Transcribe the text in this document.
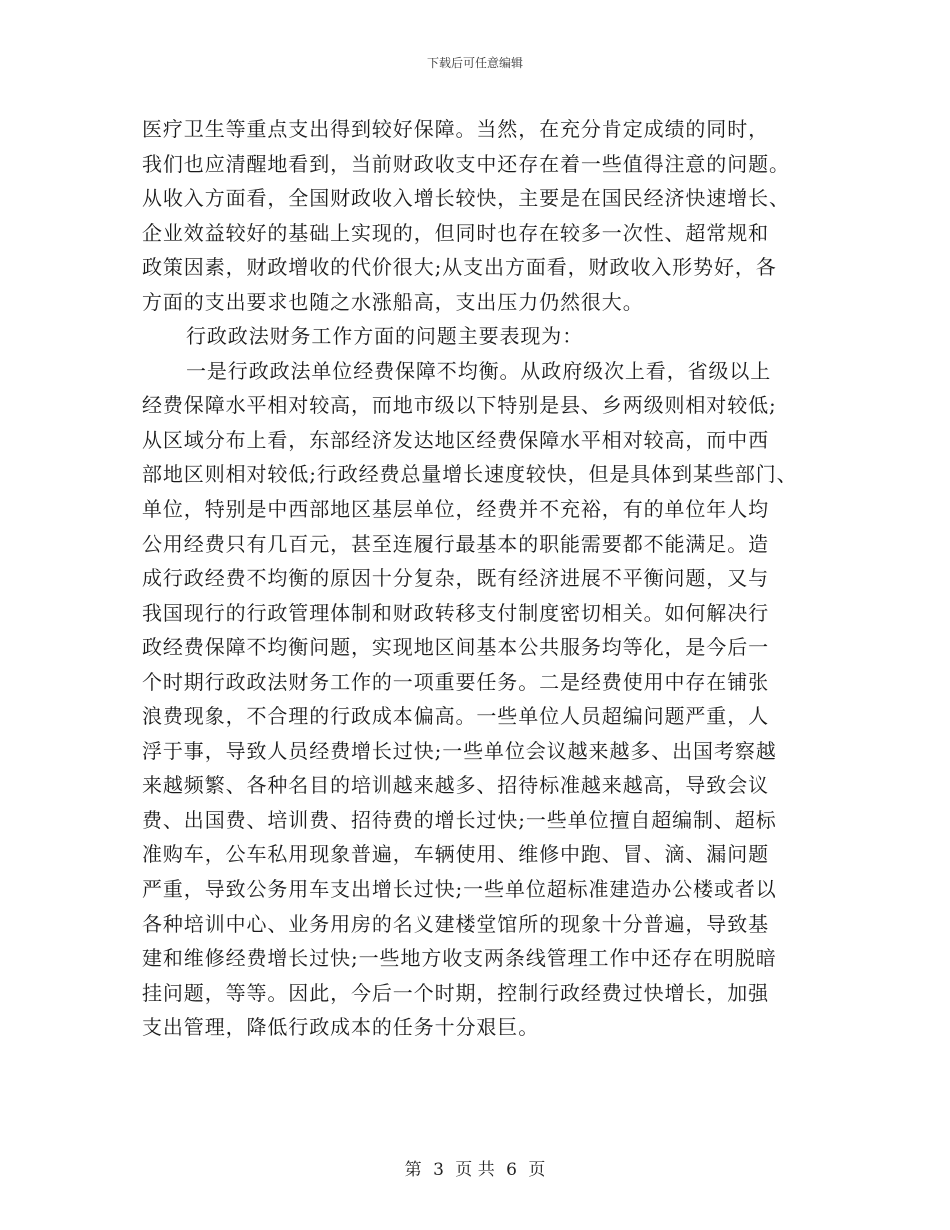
下载后可任意编辑
医疗卫生等重点支出得到较好保障。当然，在充分肯定成绩的同时，
我们也应清醒地看到，当前财政收支中还存在着一些值得注意的问题。
从收入方面看，全国财政收入增长较快，主要是在国民经济快速增长、
企业效益较好的基础上实现的，但同时也存在较多一次性、超常规和
政策因素，财政增收的代价很大;从支出方面看，财政收入形势好，各
方面的支出要求也随之水涨船高，支出压力仍然很大。
行政政法财务工作方面的问题主要表现为：
一是行政政法单位经费保障不均衡。从政府级次上看，省级以上
经费保障水平相对较高，而地市级以下特别是县、乡两级则相对较低;
从区域分布上看，东部经济发达地区经费保障水平相对较高，而中西
部地区则相对较低;行政经费总量增长速度较快，但是具体到某些部门、
单位，特别是中西部地区基层单位，经费并不充裕，有的单位年人均
公用经费只有几百元，甚至连履行最基本的职能需要都不能满足。造
成行政经费不均衡的原因十分复杂，既有经济进展不平衡问题，又与
我国现行的行政管理体制和财政转移支付制度密切相关。如何解决行
政经费保障不均衡问题，实现地区间基本公共服务均等化，是今后一
个时期行政政法财务工作的一项重要任务。二是经费使用中存在铺张
浪费现象，不合理的行政成本偏高。一些单位人员超编问题严重，人
浮于事，导致人员经费增长过快;一些单位会议越来越多、出国考察越
来越频繁、各种名目的培训越来越多、招待标准越来越高，导致会议
费、出国费、培训费、招待费的增长过快;一些单位擅自超编制、超标
准购车，公车私用现象普遍，车辆使用、维修中跑、冒、滴、漏问题
严重，导致公务用车支出增长过快;一些单位超标准建造办公楼或者以
各种培训中心、业务用房的名义建楼堂馆所的现象十分普遍，导致基
建和维修经费增长过快;一些地方收支两条线管理工作中还存在明脱暗
挂问题，等等。因此，今后一个时期，控制行政经费过快增长，加强
支出管理，降低行政成本的任务十分艰巨。
第 3 页 共 6 页
